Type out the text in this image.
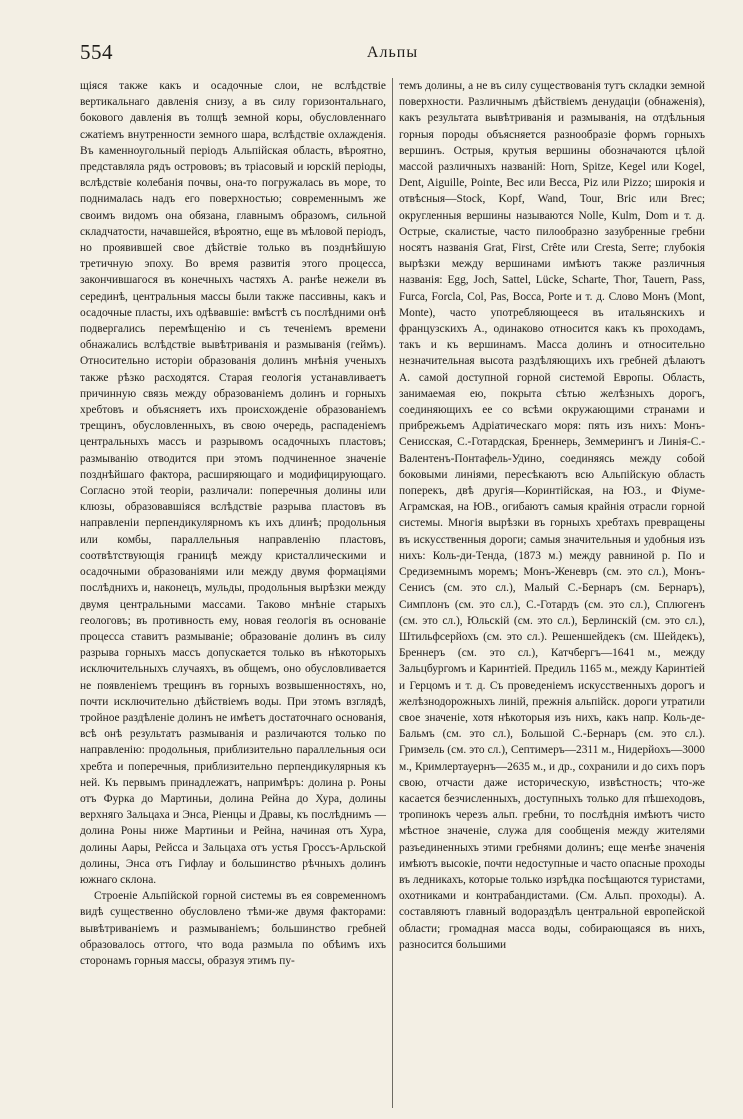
554	Альпы

щіяся также какъ и осадочные слои, не вслѣдствіе вертикальнаго давленія снизу, а въ силу горизонтальнаго, бокового давленія въ толщѣ земной коры, обусловленнаго сжатіемъ внутренности земного шара, вслѣдствіе охлажденія. Въ каменноугольный періодъ Альпійская область, вѣроятно, представляла рядъ острововъ; въ тріасовый и юрскій періоды, вслѣдствіе колебанія почвы, она-то погружалась въ море, то поднималась надъ его поверхностью; современнымъ же своимъ видомъ она обязана, главнымъ образомъ, сильной складчатости, начавшейся, вѣроятно, еще въ мѣловой періодъ, но проявившей свое дѣйствіе только въ позднѣйшую третичную эпоху. Во время развитія этого процесса, закончившагося въ конечныхъ частяхъ А. ранѣе нежели въ серединѣ, центральныя массы были также пассивны, какъ и осадочные пласты, ихъ одѣвавшіе: вмѣстѣ съ послѣдними онѣ подвергались перемѣщенію и съ теченіемъ времени обнажались вслѣдствіе вывѣтриванія и размыванія (геймъ). Относительно исторіи образованія долинъ мнѣнія ученыхъ также рѣзко расходятся. Старая геологія устанавливаетъ причинную связь между образованіемъ долинъ и горныхъ хребтовъ и объясняетъ ихъ происхожденіе образованіемъ трещинъ, обусловленныхъ, въ свою очередь, распаденіемъ центральныхъ массъ и разрывомъ осадочныхъ пластовъ; размыванію отводится при этомъ подчиненное значеніе позднѣйшаго фактора, расширяющаго и модифицирующаго. Согласно этой теоріи, различали: поперечныя долины или клюзы, образовавшіяся вслѣдствіе разрыва пластовъ въ направленіи перпендикулярномъ къ ихъ длинѣ; продольныя или комбы, параллельныя направленію пластовъ, соотвѣтствующія границѣ между кристаллическими и осадочными образованіями или между двумя формаціями послѣднихъ и, наконецъ, мульды, продольныя вырѣзки между двумя центральными массами. Таково мнѣніе старыхъ геологовъ; въ противность ему, новая геологія въ основаніе процесса ставитъ размываніе; образованіе долинъ въ силу разрыва горныхъ массъ допускается только въ нѣкоторыхъ исключительныхъ случаяхъ, въ общемъ, оно обусловливается не появленіемъ трещинъ въ горныхъ возвышенностяхъ, но, почти исключительно дѣйствіемъ воды. При этомъ взглядѣ, тройное раздѣленіе долинъ не имѣетъ достаточнаго основанія, всѣ онѣ результатъ размыванія и различаются только по направленію: продольныя, приблизительно параллельныя оси хребта и поперечныя, приблизительно перпендикулярныя къ ней. Къ первымъ принадлежатъ, напримѣръ: долина р. Роны отъ Фурка до Мартиньи, долина Рейна до Хура, долины верхняго Зальцаха и Энса, Ріенцы и Дравы, къ послѣднимъ — долина Роны ниже Мартиньи и Рейна, начиная отъ Хура, долины Аары, Рейсса и Зальцаха отъ устья Гроссъ-Арльской долины, Энса отъ Гифлау и большинство рѣчныхъ долинъ южнаго склона.

Строеніе Альпійской горной системы въ ея современномъ видѣ существенно обусловлено тѣми-же двумя факторами: вывѣтриваніемъ и размываніемъ; большинство гребней образовалось оттого, что вода размыла по обѣимъ ихъ сторонамъ горныя массы, образуя этимъ пу-

темъ долины, а не въ силу существованія тутъ складки земной поверхности. Различнымъ дѣйствіемъ денудаціи (обнаженія), какъ результата вывѣтриванія и размыванія, на отдѣльныя горныя породы объясняется разнообразіе формъ горныхъ вершинъ. Острыя, крутыя вершины обозначаются цѣлой массой различныхъ названій: Horn, Spitze, Kegel или Kogel, Dent, Aiguille, Pointe, Bec или Becca, Piz или Pizzo; широкія и отвѣсныя—Stock, Kopf, Wand, Tour, Bric или Brec; округленныя вершины называются Nolle, Kulm, Dom и т. д. Острые, скалистые, часто пилообразно зазубренные гребни носятъ названія Grat, First, Crête или Cresta, Serre; глубокія вырѣзки между вершинами имѣютъ также различныя названія: Egg, Joch, Sattel, Lücke, Scharte, Thor, Tauern, Pass, Furca, Forcla, Col, Pas, Bocca, Porte и т. д. Слово Монъ (Mont, Monte), часто употребляющееся въ итальянскихъ и французскихъ А., одинаково относится какъ къ проходамъ, такъ и къ вершинамъ. Масса долинъ и относительно незначительная высота раздѣляющихъ ихъ гребней дѣлаютъ А. самой доступной горной системой Европы. Область, занимаемая ею, покрыта сѣтью желѣзныхъ дорогъ, соединяющихъ ее со всѣми окружающими странами и прибрежьемъ Адріатическаго моря: пять изъ нихъ: Монъ-Сенисская, С.-Готардская, Бреннерь, Земмерингъ и Линія-С.-Валентенъ-Понтафель-Удино, соединяясь между собой боковыми линіями, пересѣкаютъ всю Альпійскую область поперекъ, двѣ другія—Коринтійская, на ЮЗ., и Фіуме-Аграмская, на ЮВ., огибаютъ самыя крайнія отрасли горной системы. Многія вырѣзки въ горныхъ хребтахъ превращены въ искусственныя дороги; самыя значительныя и удобныя изъ нихъ: Коль-ди-Тенда, (1873 м.) между равниной р. По и Средиземнымъ моремъ; Монъ-Женевръ (см. это сл.), Монъ-Сенисъ (см. это сл.), Малый С.-Бернаръ (см. Бернаръ), Симплонъ (см. это сл.), С.-Готардъ (см. это сл.), Сплюгенъ (см. это сл.), Юльскій (см. это сл.), Берлинскій (см. это сл.), Штильфсерйохъ (см. это сл.). Решеншейдекъ (см. Шейдекъ), Бреннеръ (см. это сл.), Катчбергъ—1641 м., между Зальцбургомъ и Каринтіей. Предиль 1165 м., между Каринтіей и Герцомъ и т. д. Съ проведеніемъ искусственныхъ дорогъ и желѣзнодорожныхъ линій, прежнія альпійск. дороги утратили свое значеніе, хотя нѣкоторыя изъ нихъ, какъ напр. Коль-де-Бальмъ (см. это сл.), Большой С.-Бернаръ (см. это сл.). Гримзель (см. это сл.), Септимеръ—2311 м., Нидерйохъ—3000 м., Кримлертауернъ—2635 м., и др., сохранили и до сихъ поръ свою, отчасти даже историческую, извѣстность; что-же касается безчисленныхъ, доступныхъ только для пѣшеходовъ, тропинокъ черезъ альп. гребни, то послѣднія имѣютъ чисто мѣстное значеніе, служа для сообщенія между жителями разъединенныхъ этими гребнями долинъ; еще менѣе значенія имѣютъ высокіе, почти недоступные и часто опасные проходы въ ледникахъ, которые только изрѣдка посѣщаются туристами, охотниками и контрабандистами. (См. Альп. проходы). А. составляютъ главный водораздѣлъ центральной европейской области; громадная масса воды, собирающаяся въ нихъ, разносится большими
